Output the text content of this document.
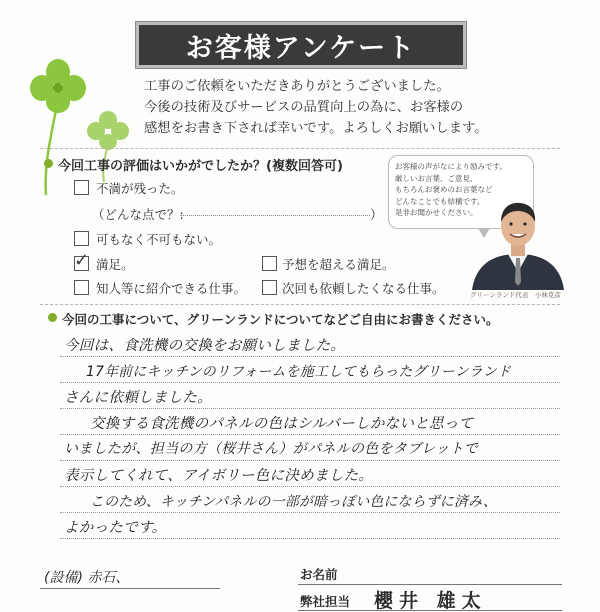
お客様アンケート
工事のご依頼をいただきありがとうございました。
今後の技術及びサービスの品質向上の為に、お客様の
感想をお書き下されば幸いです。よろしくお願いします。
今回工事の評価はいかがでしたか？(複数回答可)
不満が残った。
（どんな点で？:	）
可もなく不可もない。
✓ 満足。	予想を超える満足。
知人等に紹介できる仕事。	次回も依頼したくなる仕事。
お客様の声がなにより励みです。
厳しいお言葉、ご意見、
もちろんお褒めのお言葉など
どんなことでも結構です。
是非お聞かせください。
グリーンランド代表　小林克彦
今回の工事について、グリーンランドについてなどご自由にお書きください。
今回は、食洗機の交換をお願いしました。
17年前にキッチンのリフォームを施工してもらったグリーンランド
さんに依頼しました。
交換する食洗機のパネルの色はシルバーしかないと思って
いましたが、担当の方（桜井さん）がパネルの色をタブレットで
表示してくれて、アイボリー色に決めました。
このため、キッチンパネルの一部が暗っぽい色にならずに済み、
よかったです。
(設備) 赤石、	お名前
弊社担当 櫻井 雄太
